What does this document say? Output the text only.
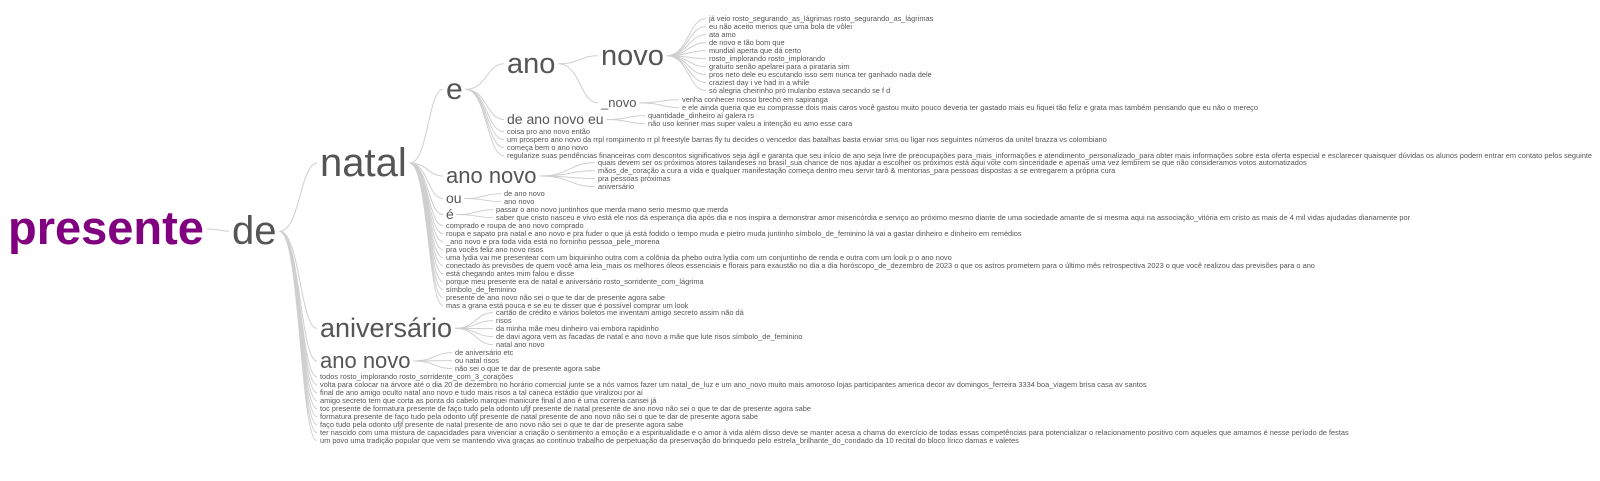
presente de
natal
e
ano novo
_novo
de ano novo eu
ano novo
ou
é
aniversário
ano novo
já veio rosto_segurando_as_lágrimas rosto_segurando_as_lágrimas
eu não aceito menos que uma bola de vôlei
ata amo
de novo e tão bom que
mundial aperta que dá certo
rosto_implorando rosto_implorando
gratuito senão apelarei para a pirataria sim
pros neto dele eu escutando isso sem nunca ter ganhado nada dele
craziest day i ve had in a while
só alegria cheirinho pró mulanbo estava secando se f d
venha conhecer nosso brechó em sapiranga
e ele ainda queria que eu comprasse dois mais caros você gastou muito pouco deveria ter gastado mais eu fiquei tão feliz e grata mas também pensando que eu não o mereço
quantidade_dinheiro aí galera rs
não uso kenner mas super valeu a intenção eu amo esse cara
coisa pro ano novo então
um prospero ano novo da rrpl rompimento rr pl freestyle barras fly tu decides o vencedor das batalhas basta enviar sms ou ligar nos seguintes números da unitel brazza vs colombiano
começa bem o ano novo
regularize suas pendências financeiras com descontos significativos seja ágil e garanta que seu início de ano seja livre de preocupações para_mais_informações e atendimento_personalizado_para obter mais informações sobre esta oferta especial e esclarecer quaisquer dúvidas os alunos podem entrar em contato pelos seguinte
quais devem ser os próximos atores tailandeses no brasil_sua chance de nos ajudar a escolher os próximos está aqui vote com sinceridade e apenas uma vez lembrem se que não consideramos votos automatizados
mãos_de_coração a cura a vida e qualquer manifestação começa dentro meu servir tarô & mentorias_para pessoas dispostas a se entregarem a própria cura
pra pessoas próximas
aniversário
de ano novo
ano novo
passar o ano novo juntinhos que merda mano serio mesmo que merda
saber que cristo nasceu e vivo está ele nos dá esperança dia após dia e nos inspira a demonstrar amor misericórdia e serviço ao próximo mesmo diante de uma sociedade amante de si mesma aqui na associação_vitória em cristo as mais de 4 mil vidas ajudadas diariamente por
comprado e roupa de ano novo comprado
roupa e sapato pra natal e ano novo e pra fuder o que já está fodido o tempo muda e pietro muda juntinho símbolo_de_feminino lá vai a gastar dinheiro e dinheiro em remédios
_ano novo e pra toda vida está no forninho pessoa_pele_morena
pra vocês feliz ano novo risos
uma lydia vai me presentear com um biquininho outra com a colônia da phebo outra lydia com um conjuntinho de renda e outra com um look p o ano novo
conectado às previsões de quem você ama leia_mais os melhores óleos essenciais e florais para exaustão no dia a dia horóscopo_de_dezembro de 2023 o que os astros prometem para o último mês retrospectiva 2023 o que você realizou das previsões para o ano
está chegando antes mim falou e disse
porque meu presente era de natal e aniversário rosto_sorridente_com_lágrima
símbolo_de_feminino
presente de ano novo não sei o que te dar de presente agora sabe
mas a grana está pouca e se eu te disser que é possível comprar um look
cartão de crédito e vários boletos me inventam amigo secreto assim não dá
risos
da minha mãe meu dinheiro vai embora rapidinho
de davi agora vem as facadas de natal e ano novo a mãe que lute risos símbolo_de_feminino
natal ano novo
de aniversário etc
ou natal risos
não sei o que te dar de presente agora sabe
todos rosto_implorando rosto_sorridente_com_3_corações
volta para colocar na árvore até o dia 20 de dezembro no horário comercial junte se a nós vamos fazer um natal_de_luz e um ano_novo muito mais amoroso lojas participantes america decor av domingos_ferreira 3334 boa_viagem brisa casa av santos
final de ano amigo oculto natal ano novo e tudo mais risos a tal caneca estádio que viralizou por aí
amigo secreto tem que corta as ponta do cabelo marquei manicure final d ano é uma correria cansei já
toc presente de formatura presente de faço tudo pela odonto ufjf presente de natal presente de ano novo não sei o que te dar de presente agora sabe
formatura presente de faço tudo pela odonto ufjf presente de natal presente de ano novo não sei o que te dar de presente agora sabe
faço tudo pela odonto ufjf presente de natal presente de ano novo não sei o que te dar de presente agora sabe
ter nascido com uma mistura de capacidades para vivenciar a criação o sentimento a emoção e a espiritualidade e o amor à vida além disso deve se manter acesa a chama do exercício de todas essas competências para potencializar o relacionamento positivo com aqueles que amamos é nesse período de festas
um povo uma tradição popular que vem se mantendo viva graças ao contínuo trabalho de perpetuação da preservação do brinquedo pelo estrela_brilhante_do_condado da 10 recital do bloco lírico damas e valetes
